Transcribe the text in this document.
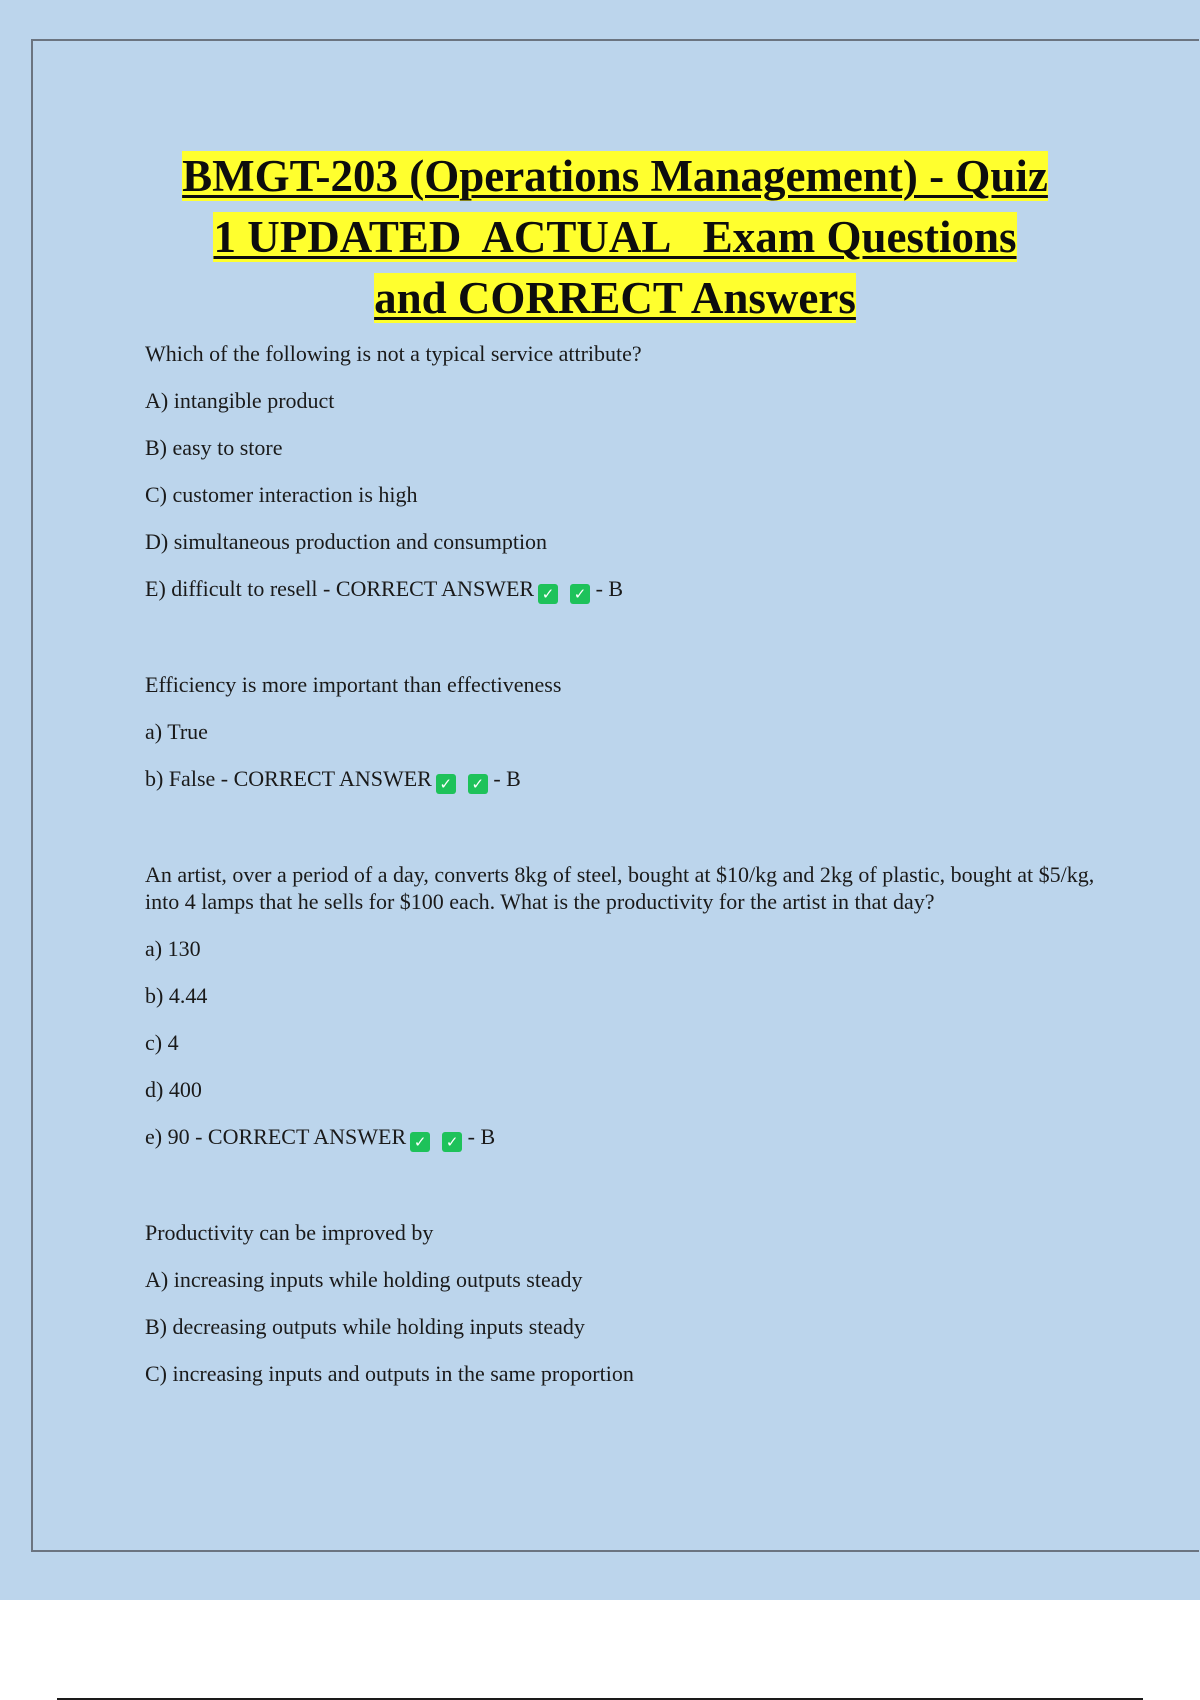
BMGT-203 (Operations Management) - Quiz
1 UPDATED  ACTUAL   Exam Questions
and CORRECT Answers

Which of the following is not a typical service attribute?

A) intangible product

B) easy to store

C) customer interaction is high

D) simultaneous production and consumption

E) difficult to resell - CORRECT ANSWER ✓ ✓ - B

Efficiency is more important than effectiveness

a) True

b) False - CORRECT ANSWER ✓ ✓ - B

An artist, over a period of a day, converts 8kg of steel, bought at $10/kg and 2kg of plastic, bought at $5/kg, into 4 lamps that he sells for $100 each. What is the productivity for the artist in that day?

a) 130

b) 4.44

c) 4

d) 400

e) 90 - CORRECT ANSWER ✓ ✓ - B

Productivity can be improved by

A) increasing inputs while holding outputs steady

B) decreasing outputs while holding inputs steady

C) increasing inputs and outputs in the same proportion
